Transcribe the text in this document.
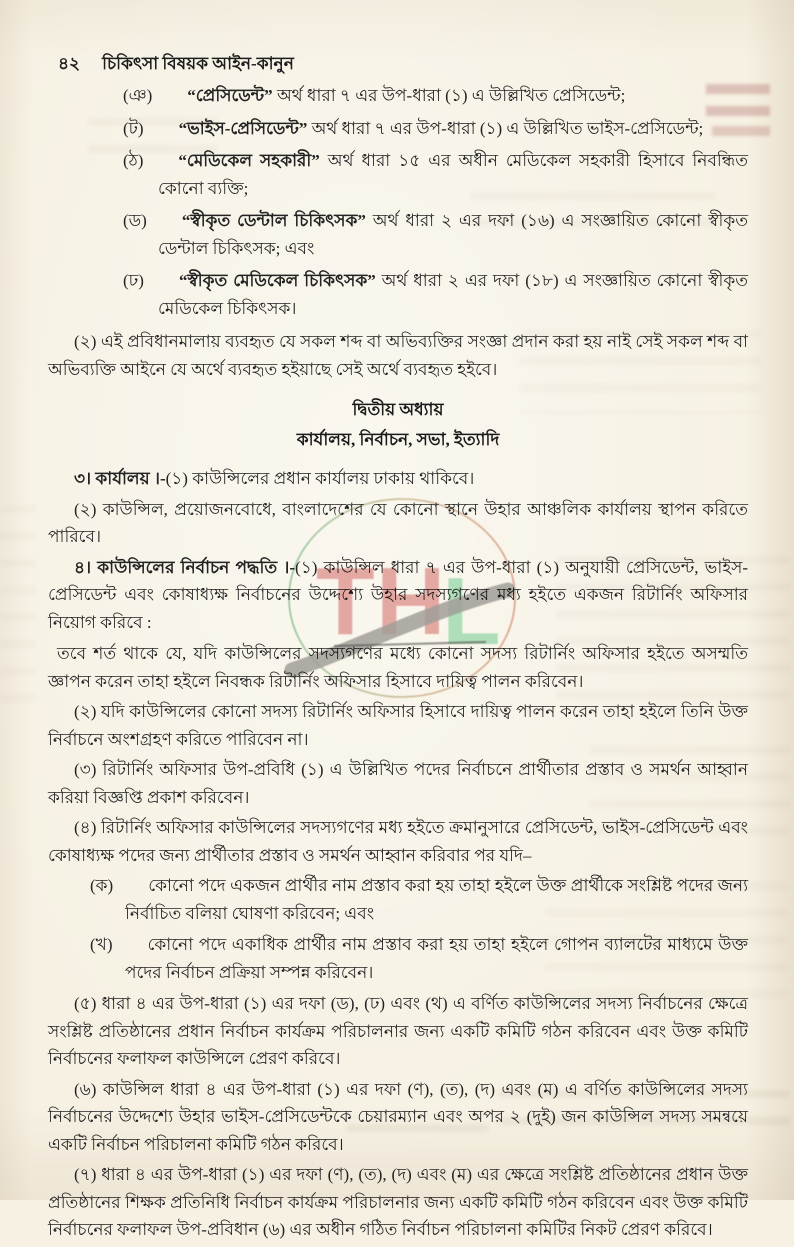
৪২ চিকিৎসা বিষয়ক আইন-কানুন
(ঞ) “প্রেসিডেন্ট” অর্থ ধারা ৭ এর উপ-ধারা (১) এ উল্লিখিত প্রেসিডেন্ট;
(ট) “ভাইস-প্রেসিডেন্ট” অর্থ ধারা ৭ এর উপ-ধারা (১) এ উল্লিখিত ভাইস-প্রেসিডেন্ট;
(ঠ) “মেডিকেল সহকারী” অর্থ ধারা ১৫ এর অধীন মেডিকেল সহকারী হিসাবে নিবন্ধিত কোনো ব্যক্তি;
(ড) “স্বীকৃত ডেন্টাল চিকিৎসক” অর্থ ধারা ২ এর দফা (১৬) এ সংজ্ঞায়িত কোনো স্বীকৃত ডেন্টাল চিকিৎসক; এবং
(ঢ) “স্বীকৃত মেডিকেল চিকিৎসক” অর্থ ধারা ২ এর দফা (১৮) এ সংজ্ঞায়িত কোনো স্বীকৃত মেডিকেল চিকিৎসক।
(২) এই প্রবিধানমালায় ব্যবহৃত যে সকল শব্দ বা অভিব্যক্তির সংজ্ঞা প্রদান করা হয় নাই সেই সকল শব্দ বা অভিব্যক্তি আইনে যে অর্থে ব্যবহৃত হইয়াছে সেই অর্থে ব্যবহৃত হইবে।
দ্বিতীয় অধ্যায়
কার্যালয়, নির্বাচন, সভা, ইত্যাদি
৩। কার্যালয় ।-(১) কাউন্সিলের প্রধান কার্যালয় ঢাকায় থাকিবে।
(২) কাউন্সিল, প্রয়োজনবোধে, বাংলাদেশের যে কোনো স্থানে উহার আঞ্চলিক কার্যালয় স্থাপন করিতে পারিবে।
৪। কাউন্সিলের নির্বাচন পদ্ধতি ।-(১) কাউন্সিল ধারা ৭ এর উপ-ধারা (১) অনুযায়ী প্রেসিডেন্ট, ভাইস-প্রেসিডেন্ট এবং কোষাধ্যক্ষ নির্বাচনের উদ্দেশ্যে উহার সদস্যগণের মধ্য হইতে একজন রিটার্নিং অফিসার নিয়োগ করিবে :
তবে শর্ত থাকে যে, যদি কাউন্সিলের সদস্যগণের মধ্যে কোনো সদস্য রিটার্নিং অফিসার হইতে অসম্মতি জ্ঞাপন করেন তাহা হইলে নিবন্ধক রিটার্নিং অফিসার হিসাবে দায়িত্ব পালন করিবেন।
(২) যদি কাউন্সিলের কোনো সদস্য রিটার্নিং অফিসার হিসাবে দায়িত্ব পালন করেন তাহা হইলে তিনি উক্ত নির্বাচনে অংশগ্রহণ করিতে পারিবেন না।
(৩) রিটার্নিং অফিসার উপ-প্রবিধি (১) এ উল্লিখিত পদের নির্বাচনে প্রার্থীতার প্রস্তাব ও সমর্থন আহ্বান করিয়া বিজ্ঞপ্তি প্রকাশ করিবেন।
(৪) রিটার্নিং অফিসার কাউন্সিলের সদস্যগণের মধ্য হইতে ক্রমানুসারে প্রেসিডেন্ট, ভাইস-প্রেসিডেন্ট এবং কোষাধ্যক্ষ পদের জন্য প্রার্থীতার প্রস্তাব ও সমর্থন আহ্বান করিবার পর যদি–
(ক) কোনো পদে একজন প্রার্থীর নাম প্রস্তাব করা হয় তাহা হইলে উক্ত প্রার্থীকে সংশ্লিষ্ট পদের জন্য নির্বাচিত বলিয়া ঘোষণা করিবেন; এবং
(খ) কোনো পদে একাধিক প্রার্থীর নাম প্রস্তাব করা হয় তাহা হইলে গোপন ব্যালটের মাধ্যমে উক্ত পদের নির্বাচন প্রক্রিয়া সম্পন্ন করিবেন।
(৫) ধারা ৪ এর উপ-ধারা (১) এর দফা (ড), (ঢ) এবং (থ) এ বর্ণিত কাউন্সিলের সদস্য নির্বাচনের ক্ষেত্রে সংশ্লিষ্ট প্রতিষ্ঠানের প্রধান নির্বাচন কার্যক্রম পরিচালনার জন্য একটি কমিটি গঠন করিবেন এবং উক্ত কমিটি নির্বাচনের ফলাফল কাউন্সিলে প্রেরণ করিবে।
(৬) কাউন্সিল ধারা ৪ এর উপ-ধারা (১) এর দফা (ণ), (ত), (দ) এবং (ম) এ বর্ণিত কাউন্সিলের সদস্য নির্বাচনের উদ্দেশ্যে উহার ভাইস-প্রেসিডেন্টকে চেয়ারম্যান এবং অপর ২ (দুই) জন কাউন্সিল সদস্য সমন্বয়ে একটি নির্বাচন পরিচালনা কমিটি গঠন করিবে।
(৭) ধারা ৪ এর উপ-ধারা (১) এর দফা (ণ), (ত), (দ) এবং (ম) এর ক্ষেত্রে সংশ্লিষ্ট প্রতিষ্ঠানের প্রধান উক্ত প্রতিষ্ঠানের শিক্ষক প্রতিনিধি নির্বাচন কার্যক্রম পরিচালনার জন্য একটি কমিটি গঠন করিবেন এবং উক্ত কমিটি নির্বাচনের ফলাফল উপ-প্রবিধান (৬) এর অধীন গঠিত নির্বাচন পরিচালনা কমিটির নিকট প্রেরণ করিবে।
T H
L
